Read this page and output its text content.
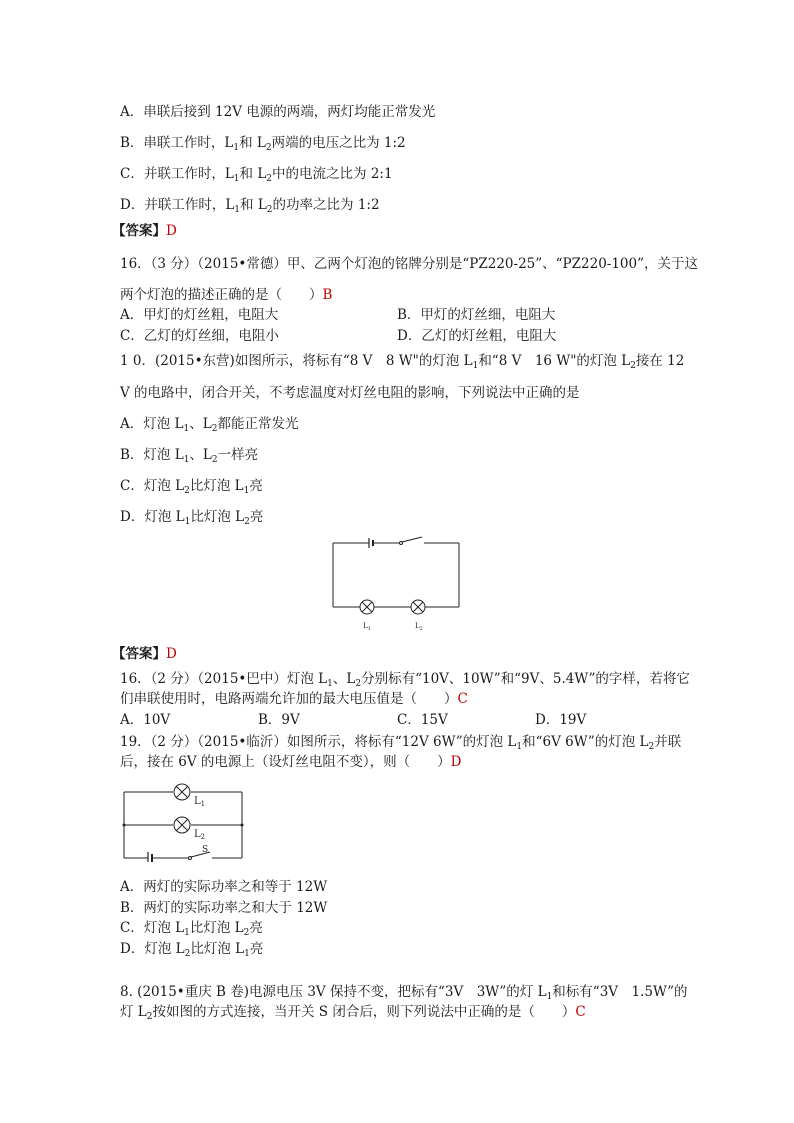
A．串联后接到 12V 电源的两端，两灯均能正常发光
B．串联工作时，$L_1$和 $L_2$两端的电压之比为 1:2
C．并联工作时，$L_1$和 $L_2$中的电流之比为 2:1
D．并联工作时，$L_1$和 $L_2$的功率之比为 1:2
【答案】D
16．（3 分）（2015•常德）甲、乙两个灯泡的铭牌分别是“PZ220-25”、“PZ220-100”，关于这
两个灯泡的描述正确的是（　　）B
A．甲灯的灯丝粗，电阻大	B．甲灯的灯丝细，电阻大
C．乙灯的灯丝细，电阻小	D．乙灯的灯丝粗，电阻大
1 0．(2015•东营)如图所示，将标有“8 V　8 W"的灯泡 $L_1$和“8 V　16 W"的灯泡 $L_2$接在 12
V 的电路中，闭合开关，不考虑温度对灯丝电阻的影响，下列说法中正确的是
A．灯泡 $L_1$、$L_2$都能正常发光
B．灯泡 $L_1$、$L_2$一样亮
C．灯泡 $L_2$比灯泡 $L_1$亮
D．灯泡 $L_1$比灯泡 $L_2$亮
$L_1$	$L_2$
【答案】D
16．（2 分）（2015•巴中）灯泡 $L_1$、$L_2$分别标有“10V、10W”和“9V、5.4W”的字样，若将它
们串联使用时，电路两端允许加的最大电压值是（　　）C
A．10V	B．9V	C．15V	D．19V
19．（2 分）（2015•临沂）如图所示，将标有“12V 6W”的灯泡 $L_1$和“6V 6W”的灯泡 $L_2$并联
后，接在 6V 的电源上（设灯丝电阻不变），则（　　）D
$L_1$
$L_2$
S
A．两灯的实际功率之和等于 12W
B．两灯的实际功率之和大于 12W
C．灯泡 $L_1$比灯泡 $L_2$亮
D．灯泡 $L_2$比灯泡 $L_1$亮
8. (2015•重庆 B 卷)电源电压 3V 保持不变，把标有“3V　3W”的灯 $L_1$和标有“3V　1.5W”的
灯 $L_2$按如图的方式连接，当开关 S 闭合后，则下列说法中正确的是（　　）C
